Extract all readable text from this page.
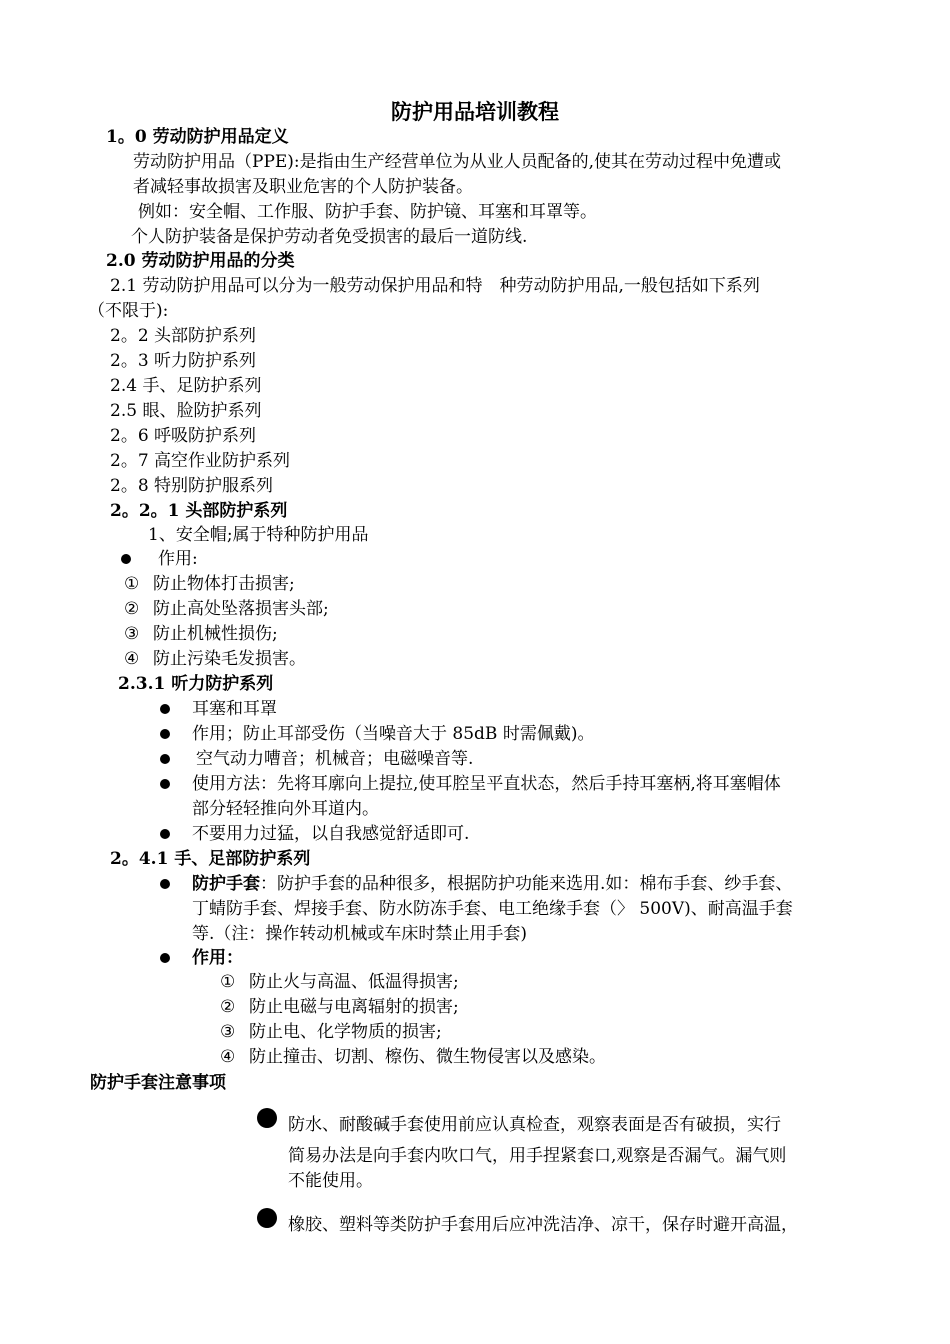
防护用品培训教程
1。0 劳动防护用品定义
劳动防护用品（PPE):是指由生产经营单位为从业人员配备的,使其在劳动过程中免遭或
者减轻事故损害及职业危害的个人防护装备。
例如：安全帽、工作服、防护手套、防护镜、耳塞和耳罩等。
个人防护装备是保护劳动者免受损害的最后一道防线.
2.0 劳动防护用品的分类
2.1 劳动防护用品可以分为一般劳动保护用品和特　种劳动防护用品,一般包括如下系列
（不限于):
2。2 头部防护系列
2。3 听力防护系列
2.4 手、足防护系列
2.5 眼、脸防护系列
2。6 呼吸防护系列
2。7 高空作业防护系列
2。8 特别防护服系列
2。2。1 头部防护系列
1、安全帽;属于特种防护用品
作用:
① 防止物体打击损害;
② 防止高处坠落损害头部;
③ 防止机械性损伤;
④ 防止污染毛发损害。
2.3.1 听力防护系列
耳塞和耳罩
作用；防止耳部受伤（当噪音大于 85dB 时需佩戴)。
空气动力嘈音；机械音；电磁噪音等.
使用方法：先将耳廓向上提拉,使耳腔呈平直状态，然后手持耳塞柄,将耳塞帽体
部分轻轻推向外耳道内。
不要用力过猛，以自我感觉舒适即可.
2。4.1 手、足部防护系列
防护手套：防护手套的品种很多，根据防护功能来选用.如：棉布手套、纱手套、
丁蜻防手套、焊接手套、防水防冻手套、电工绝缘手套（〉 500V)、耐高温手套
等.（注：操作转动机械或车床时禁止用手套)
作用：
① 防止火与高温、低温得损害;
② 防止电磁与电离辐射的损害;
③ 防止电、化学物质的损害;
④ 防止撞击、切割、檫伤、微生物侵害以及感染。
防护手套注意事项
防水、耐酸碱手套使用前应认真检查，观察表面是否有破损，实行
简易办法是向手套内吹口气，用手捏紧套口,观察是否漏气。漏气则
不能使用。
橡胶、塑料等类防护手套用后应冲洗洁净、凉干，保存时避开高温，
